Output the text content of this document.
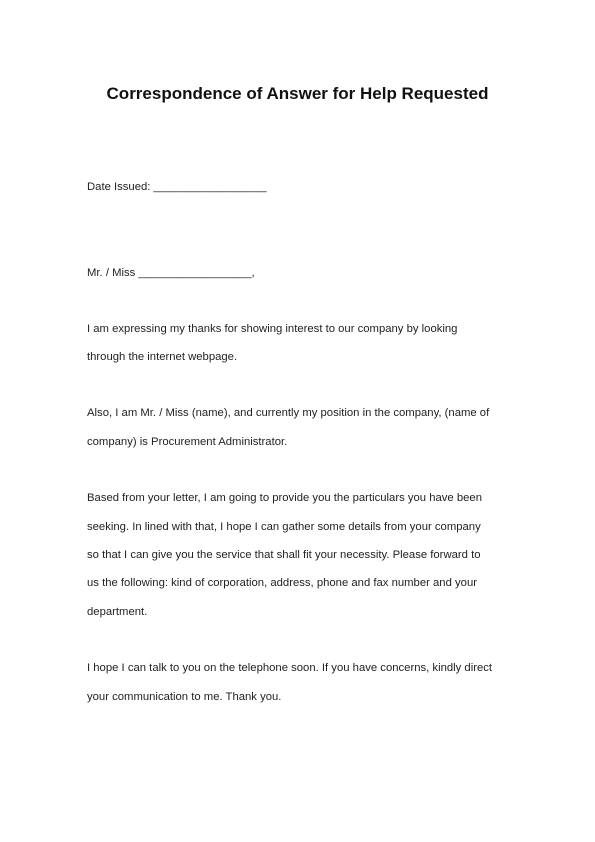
Correspondence of Answer for Help Requested
Date Issued: __________________
Mr. / Miss __________________,
I am expressing my thanks for showing interest to our company by looking
through the internet webpage.
Also, I am Mr. / Miss (name), and currently my position in the company, (name of
company) is Procurement Administrator.
Based from your letter, I am going to provide you the particulars you have been
seeking. In lined with that, I hope I can gather some details from your company
so that I can give you the service that shall fit your necessity. Please forward to
us the following: kind of corporation, address, phone and fax number and your
department.
I hope I can talk to you on the telephone soon. If you have concerns, kindly direct
your communication to me. Thank you.
